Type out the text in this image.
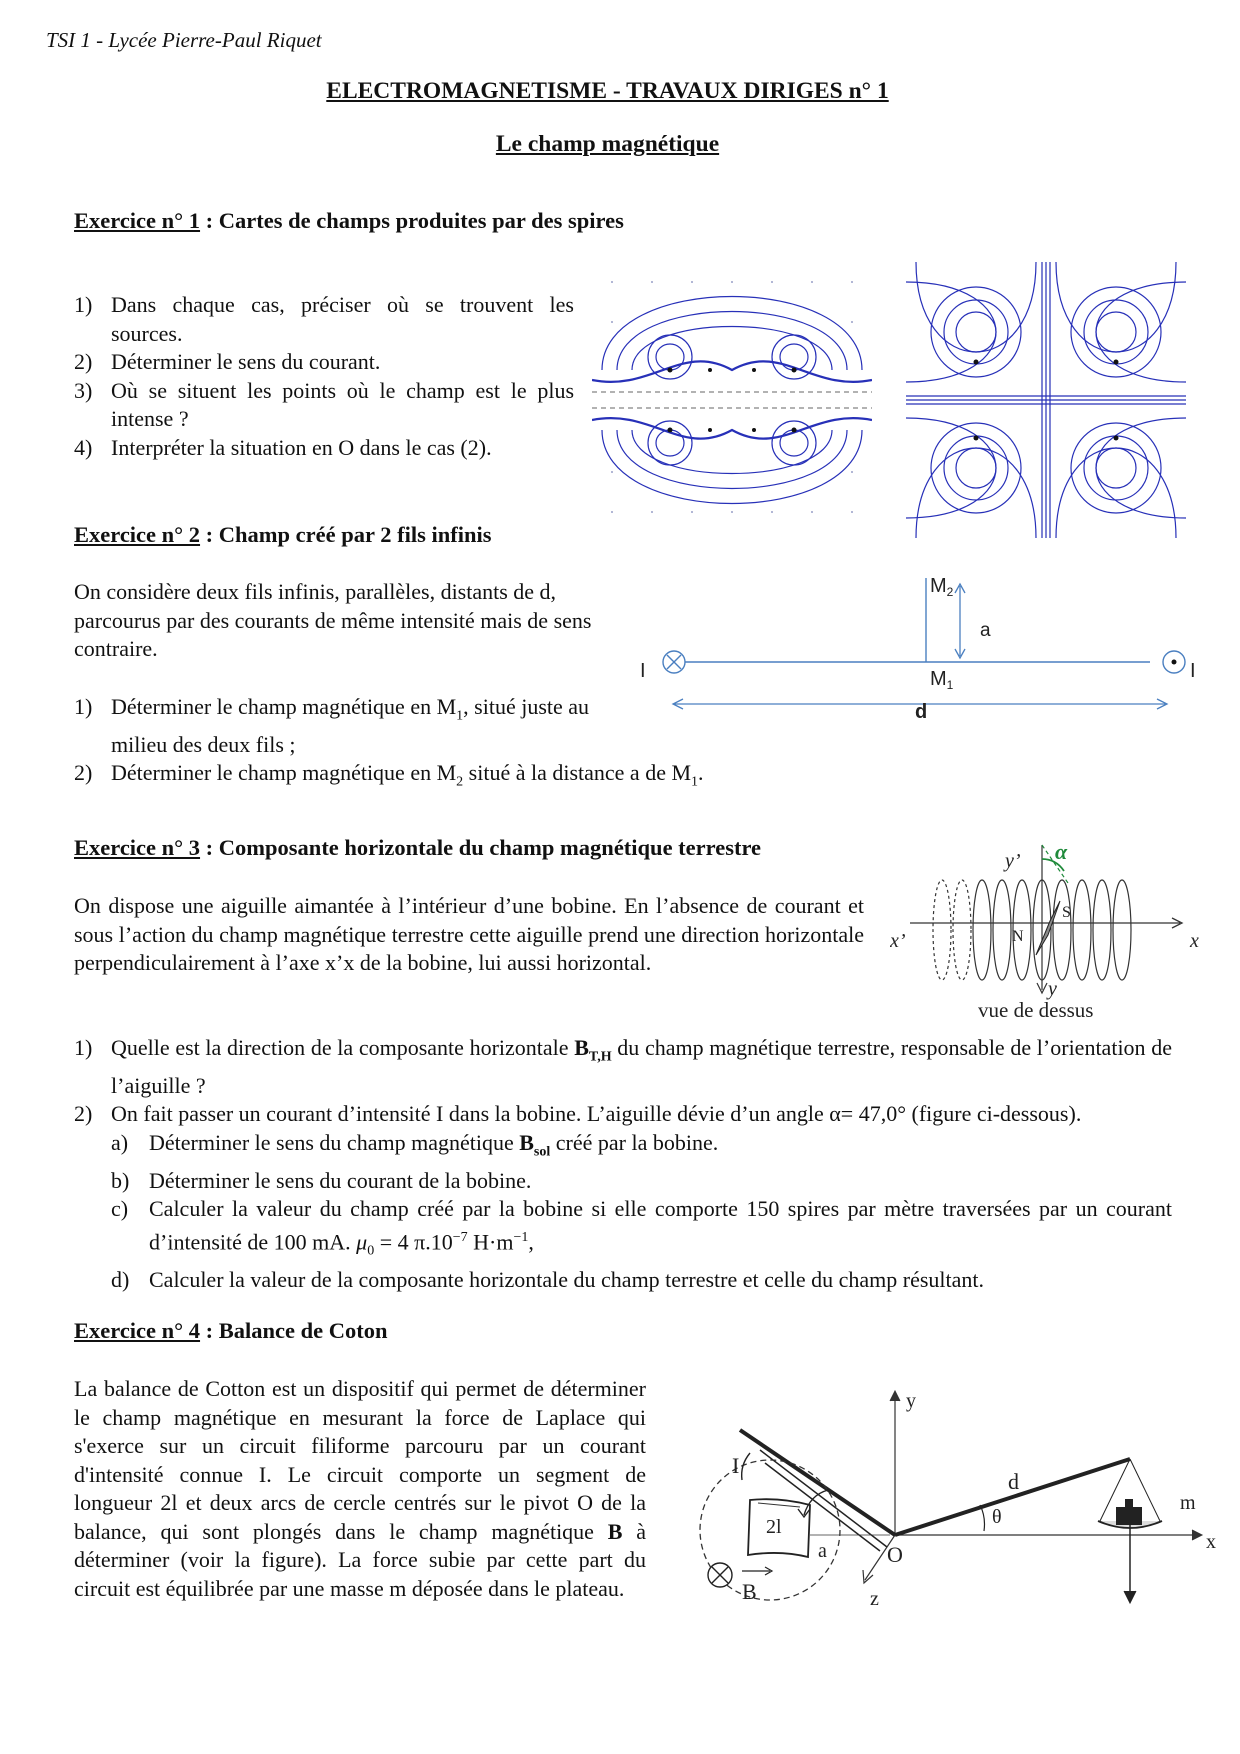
TSI 1 - Lycée Pierre-Paul Riquet
ELECTROMAGNETISME - TRAVAUX DIRIGES n° 1
Le champ magnétique
Exercice n° 1 : Cartes de champs produites par des spires
1) Dans chaque cas, préciser où se trouvent les sources.
2) Déterminer le sens du courant.
3) Où se situent les points où le champ est le plus intense ?
4) Interpréter la situation en O dans le cas (2).
Exercice n° 2 : Champ créé par 2 fils infinis
On considère deux fils infinis, parallèles, distants de d, parcourus par des courants de même intensité mais de sens contraire.
1) Déterminer le champ magnétique en $M_1$, situé juste au milieu des deux fils ;
2) Déterminer le champ magnétique en $M_2$ situé à la distance a de $M_1$.
$M_2$
a
$M_1$
I	I
d
Exercice n° 3 : Composante horizontale du champ magnétique terrestre
On dispose une aiguille aimantée à l’intérieur d’une bobine. En l’absence de courant et sous l’action du champ magnétique terrestre cette aiguille prend une direction horizontale perpendiculairement à l’axe x’x de la bobine, lui aussi horizontal.
y’ α
x’	x
S
N
y
vue de dessus
1) Quelle est la direction de la composante horizontale $B_{T,H}$ du champ magnétique terrestre, responsable de l’orientation de l’aiguille ?
2) On fait passer un courant d’intensité I dans la bobine. L’aiguille dévie d’un angle α= 47,0° (figure ci-dessous).
a) Déterminer le sens du champ magnétique $B_{sol}$ créé par la bobine.
b) Déterminer le sens du courant de la bobine.
c) Calculer la valeur du champ créé par la bobine si elle comporte 150 spires par mètre traversées par un courant d’intensité de 100 mA. $\mu_0 = 4$ $\pi.10^{-7}$ $H\cdot m^{-1}$,
d) Calculer la valeur de la composante horizontale du champ terrestre et celle du champ résultant.
Exercice n° 4 : Balance de Coton
La balance de Cotton est un dispositif qui permet de déterminer le champ magnétique en mesurant la force de Laplace qui s'exerce sur un circuit filiforme parcouru par un courant d'intensité connue I. Le circuit comporte un segment de longueur 2l et deux arcs de cercle centrés sur le pivot O de la balance, qui sont plongés dans le champ magnétique B à déterminer (voir la figure). La force subie par cette part du circuit est équilibrée par une masse m déposée dans le plateau.
y
I
2l
d
θ
m
a	O	x
z
B
